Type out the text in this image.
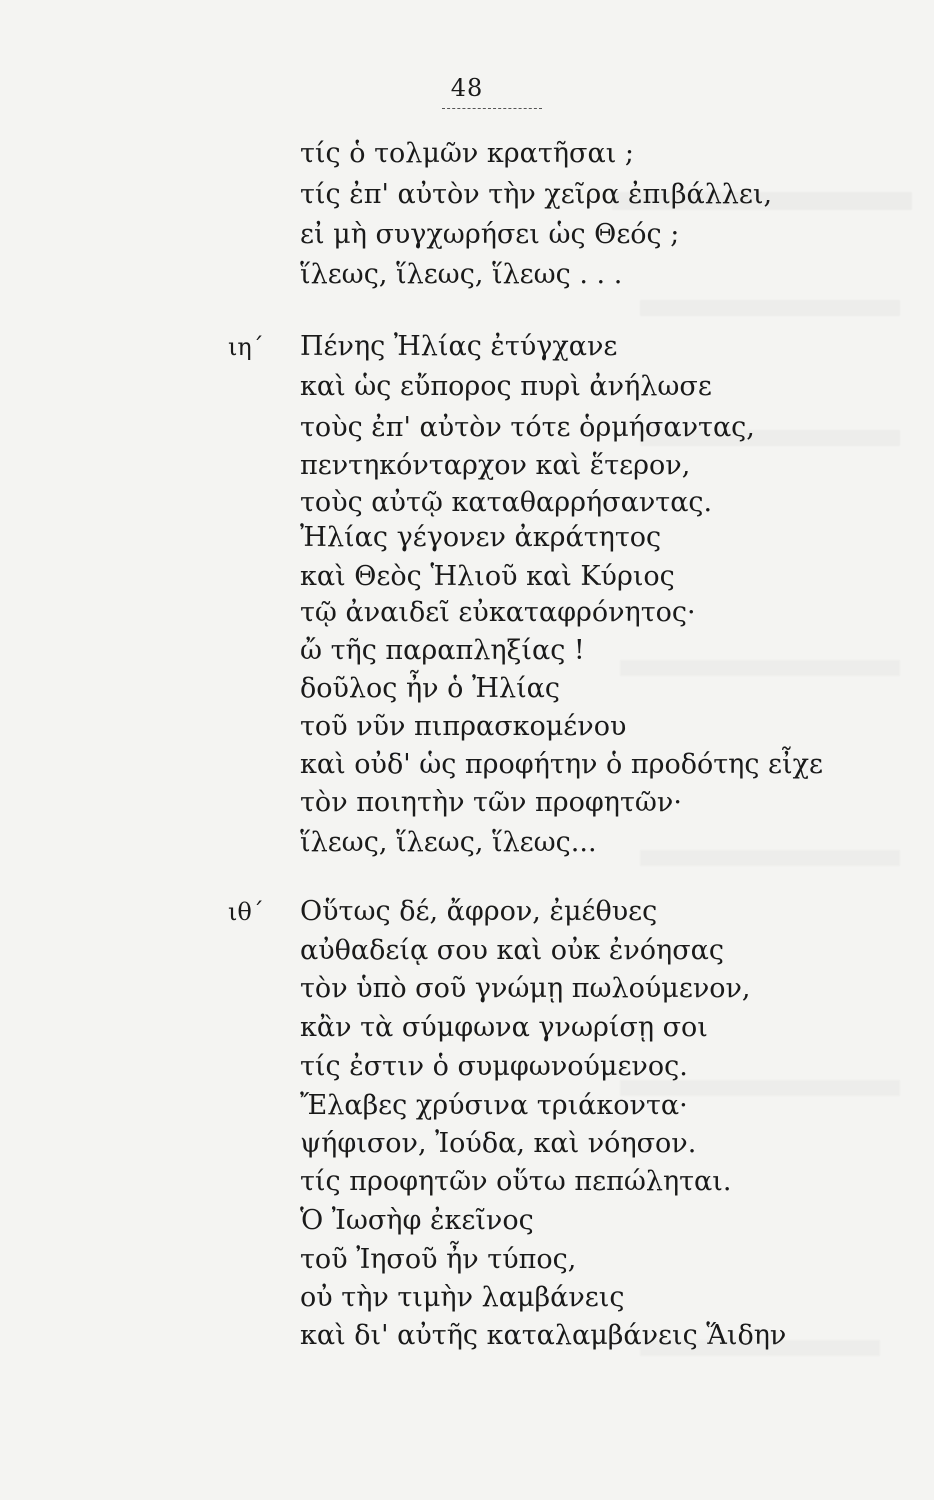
48
τίς ὁ τολμῶν κρατῆσαι ;
τίς ἐπ' αὐτὸν τὴν χεῖρα ἐπιβάλλει,
εἰ μὴ συγχωρήσει ὡς Θεός ;
ἵλεως, ἵλεως, ἵλεως . . .
ιη΄ Πένης Ἠλίας ἐτύγχανε
καὶ ὡς εὔπορος πυρὶ ἀνήλωσε
τοὺς ἐπ' αὐτὸν τότε ὁρμήσαντας,
πεντηκόνταρχον καὶ ἕτερον,
τοὺς αὐτῷ καταθαρρήσαντας.
Ἠλίας γέγονεν ἀκράτητος
καὶ Θεὸς Ἡλιοῦ καὶ Κύριος
τῷ ἀναιδεῖ εὐκαταφρόνητος·
ὤ τῆς παραπληξίας !
δοῦλος ἦν ὁ Ἠλίας
τοῦ νῦν πιπρασκομένου
καὶ οὐδ' ὡς προφήτην ὁ προδότης εἶχε
τὸν ποιητὴν τῶν προφητῶν·
ἵλεως, ἵλεως, ἵλεως...
ιθ΄ Οὕτως δέ, ἄφρον, ἐμέθυες
αὐθαδείᾳ σου καὶ οὐκ ἐνόησας
τὸν ὑπὸ σοῦ γνώμῃ πωλούμενον,
κἂν τὰ σύμφωνα γνωρίσῃ σοι
τίς ἐστιν ὁ συμφωνούμενος.
Ἔλαβες χρύσινα τριάκοντα·
ψήφισον, Ἰούδα, καὶ νόησον.
τίς προφητῶν οὕτω πεπώληται.
Ὁ Ἰωσὴφ ἐκεῖνος
τοῦ Ἰησοῦ ἦν τύπος,
οὐ τὴν τιμὴν λαμβάνεις
καὶ δι' αὐτῆς καταλαμβάνεις Ἅιδην
